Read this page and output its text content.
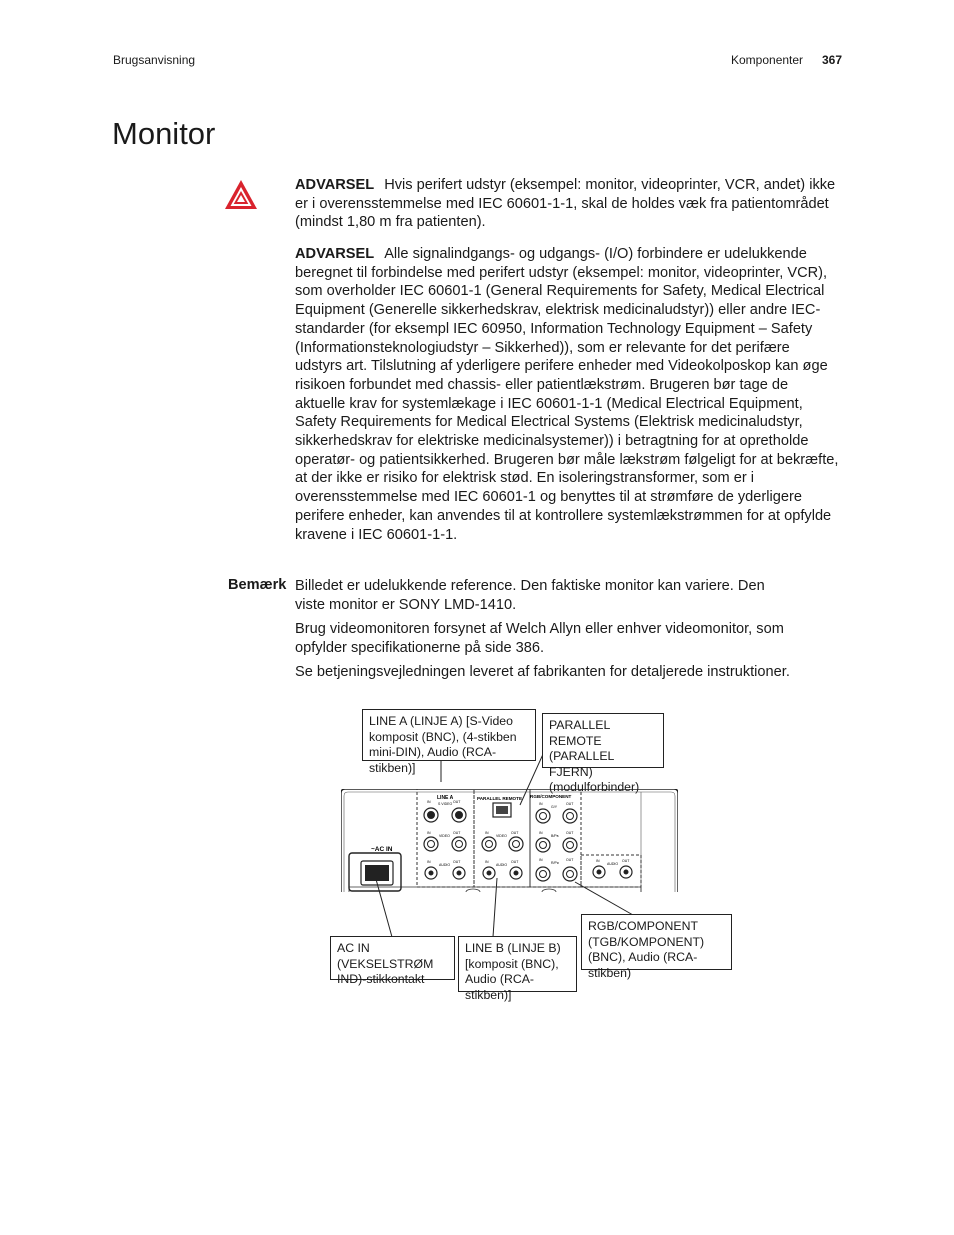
Brugsanvisning	Komponenter 367
Monitor

ADVARSEL Hvis perifert udstyr (eksempel: monitor, videoprinter, VCR, andet) ikke er i overensstemmelse med IEC 60601-1-1, skal de holdes væk fra patientområdet (mindst 1,80 m fra patienten).

ADVARSEL Alle signalindgangs- og udgangs- (I/O) forbindere er udelukkende beregnet til forbindelse med perifert udstyr (eksempel: monitor, videoprinter, VCR), som overholder IEC 60601-1 (General Requirements for Safety, Medical Electrical Equipment (Generelle sikkerhedskrav, elektrisk medicinaludstyr)) eller andre IEC-standarder (for eksempl IEC 60950, Information Technology Equipment – Safety (Informationsteknologiudstyr – Sikkerhed)), som er relevante for det perifære udstyrs art. Tilslutning af yderligere perifere enheder med Videokolposkop kan øge risikoen forbundet med chassis- eller patientlækstrøm. Brugeren bør tage de aktuelle krav for systemlækage i IEC 60601-1-1 (Medical Electrical Equipment, Safety Requirements for Medical Electrical Systems (Elektrisk medicinaludstyr, sikkerhedskrav for elektriske medicinalsystemer)) i betragtning for at opretholde operatør- og patientsikkerhed. Brugeren bør måle lækstrøm følgeligt for at bekræfte, at der ikke er risiko for elektrisk stød. En isoleringstransformer, som er i overensstemmelse med IEC 60601-1 og benyttes til at strømføre de yderligere perifere enheder, kan anvendes til at kontrollere systemlækstrømmen for at opfylde kravene i IEC 60601-1-1.

Bemærk Billedet er udelukkende reference. Den faktiske monitor kan variere. Den viste monitor er SONY LMD-1410.

Brug videomonitoren forsynet af Welch Allyn eller enhver videomonitor, som opfylder specifikationerne på side 386.

Se betjeningsvejledningen leveret af fabrikanten for detaljerede instruktioner.

LINE A (LINJE A) [S-Video komposit (BNC), (4-stikben mini-DIN), Audio (RCA-stikben)]
PARALLEL REMOTE (PARALLEL FJERN) (modulforbinder)
AC IN (VEKSELSTRØM IND)-stikkontakt
LINE B (LINJE B) [komposit (BNC), Audio (RCA-stikben)]
RGB/COMPONENT (TGB/KOMPONENT) (BNC), Audio (RCA-stikben)
~AC IN
LINE A	PARALLEL REMOTE RGB/COMPONENT
IN S VIDEO OUT
IN
VIDEO
OUT
IN
AUDIO
OUT
IN
VIDEO
OUT
IN
AUDIO
OUT
IN
G/Y
OUT
IN
B/Pʙ
OUT
IN
R/Pʀ
OUT	IN
AUDIO
OUT
